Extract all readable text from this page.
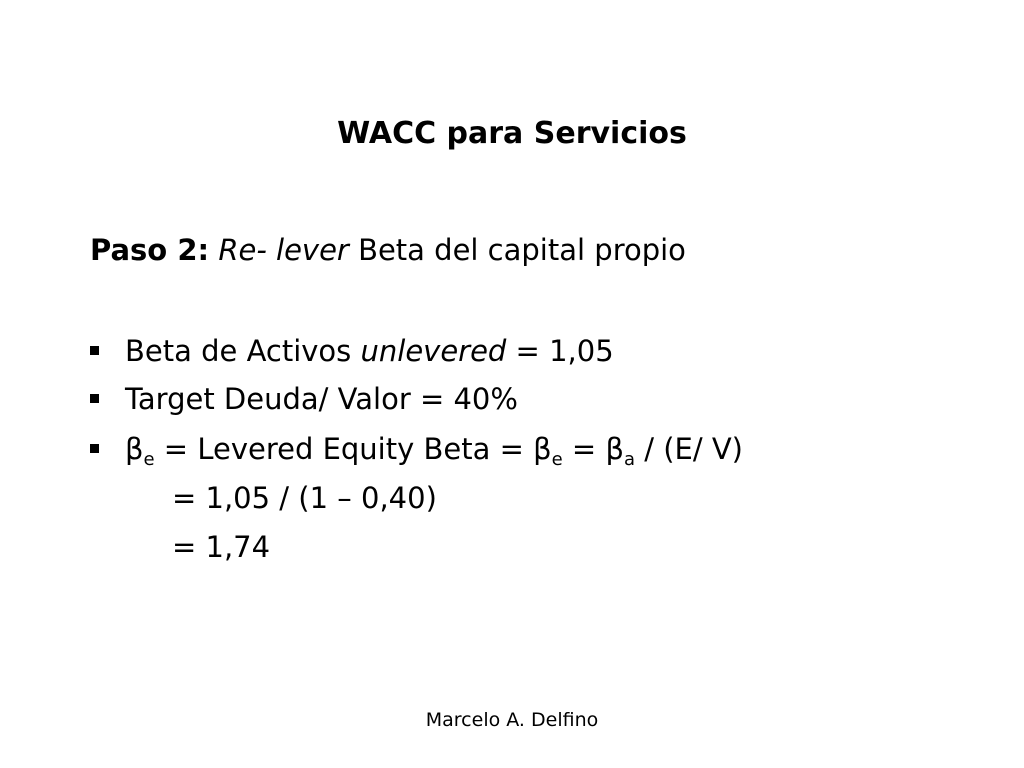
WACC para Servicios
Paso 2: Re- lever Beta del capital propio
Beta de Activos unlevered = 1,05
Target Deuda/ Valor = 40%
$\beta_e$ = Levered Equity Beta = $\beta_e = \beta_a / (E/$ V)
= 1,05 / (1 – 0,40)
= 1,74
Marcelo A. Delfino
